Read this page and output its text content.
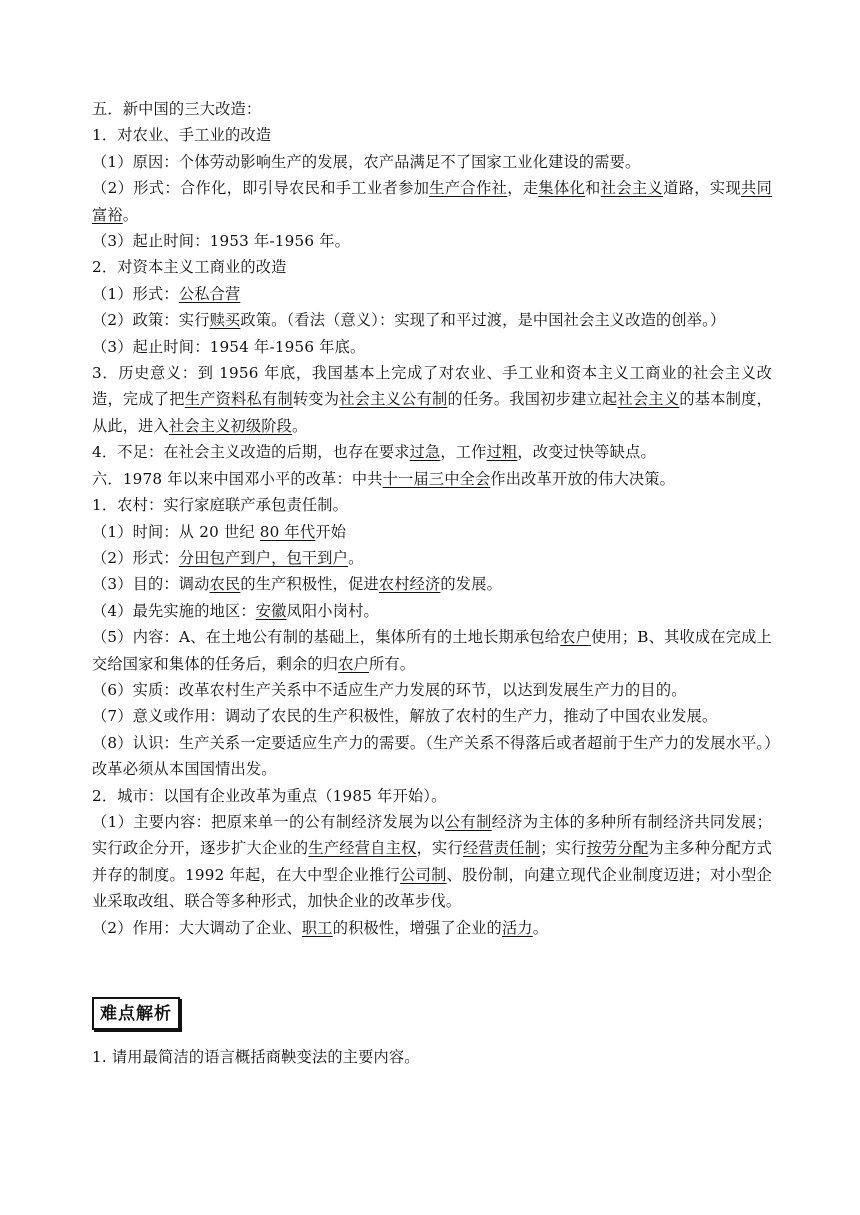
五．新中国的三大改造：
1．对农业、手工业的改造
（1）原因：个体劳动影响生产的发展，农产品满足不了国家工业化建设的需要。
（2）形式：合作化，即引导农民和手工业者参加生产合作社，走集体化和社会主义道路，实现共同富裕。
（3）起止时间：1953 年-1956 年。
2．对资本主义工商业的改造
（1）形式：公私合营
（2）政策：实行赎买政策。（看法（意义）：实现了和平过渡，是中国社会主义改造的创举。）
（3）起止时间：1954 年-1956 年底。
3．历史意义：到 1956 年底，我国基本上完成了对农业、手工业和资本主义工商业的社会主义改造，完成了把生产资料私有制转变为社会主义公有制的任务。我国初步建立起社会主义的基本制度，从此，进入社会主义初级阶段。
4．不足：在社会主义改造的后期，也存在要求过急，工作过粗，改变过快等缺点。
六．1978 年以来中国邓小平的改革：中共十一届三中全会作出改革开放的伟大决策。
1．农村：实行家庭联产承包责任制。
（1）时间：从 20 世纪 80 年代开始
（2）形式：分田包产到户，包干到户。
（3）目的：调动农民的生产积极性，促进农村经济的发展。
（4）最先实施的地区：安徽凤阳小岗村。
（5）内容：A、在土地公有制的基础上，集体所有的土地长期承包给农户使用；B、其收成在完成上交给国家和集体的任务后，剩余的归农户所有。
（6）实质：改革农村生产关系中不适应生产力发展的环节，以达到发展生产力的目的。
（7）意义或作用：调动了农民的生产积极性，解放了农村的生产力，推动了中国农业发展。
（8）认识：生产关系一定要适应生产力的需要。（生产关系不得落后或者超前于生产力的发展水平。）改革必须从本国国情出发。
2．城市：以国有企业改革为重点（1985 年开始）。
（1）主要内容：把原来单一的公有制经济发展为以公有制经济为主体的多种所有制经济共同发展；实行政企分开，逐步扩大企业的生产经营自主权，实行经营责任制；实行按劳分配为主多种分配方式并存的制度。1992 年起，在大中型企业推行公司制、股份制，向建立现代企业制度迈进；对小型企业采取改组、联合等多种形式，加快企业的改革步伐。
（2）作用：大大调动了企业、职工的积极性，增强了企业的活力。
难点解析
1. 请用最简洁的语言概括商鞅变法的主要内容。
